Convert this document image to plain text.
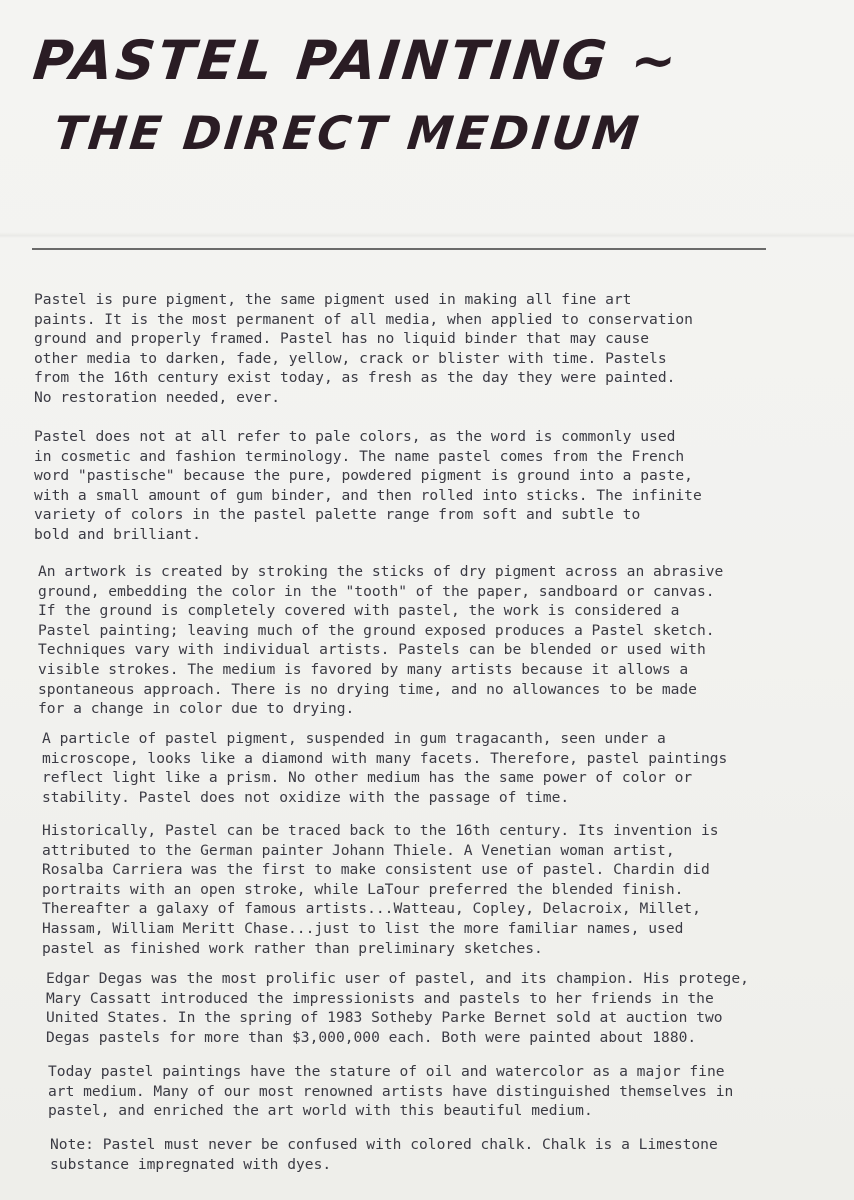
PASTEL PAINTING ~
THE DIRECT MEDIUM

Pastel is pure pigment, the same pigment used in making all fine art
paints. It is the most permanent of all media, when applied to conservation
ground and properly framed. Pastel has no liquid binder that may cause
other media to darken, fade, yellow, crack or blister with time. Pastels
from the 16th century exist today, as fresh as the day they were painted.
No restoration needed, ever.

Pastel does not at all refer to pale colors, as the word is commonly used
in cosmetic and fashion terminology. The name pastel comes from the French
word "pastische" because the pure, powdered pigment is ground into a paste,
with a small amount of gum binder, and then rolled into sticks. The infinite
variety of colors in the pastel palette range from soft and subtle to
bold and brilliant.

An artwork is created by stroking the sticks of dry pigment across an abrasive
ground, embedding the color in the "tooth" of the paper, sandboard or canvas.
If the ground is completely covered with pastel, the work is considered a
Pastel painting; leaving much of the ground exposed produces a Pastel sketch.
Techniques vary with individual artists. Pastels can be blended or used with
visible strokes. The medium is favored by many artists because it allows a
spontaneous approach. There is no drying time, and no allowances to be made
for a change in color due to drying.

A particle of pastel pigment, suspended in gum tragacanth, seen under a
microscope, looks like a diamond with many facets. Therefore, pastel paintings
reflect light like a prism. No other medium has the same power of color or
stability. Pastel does not oxidize with the passage of time.

Historically, Pastel can be traced back to the 16th century. Its invention is
attributed to the German painter Johann Thiele. A Venetian woman artist,
Rosalba Carriera was the first to make consistent use of pastel. Chardin did
portraits with an open stroke, while LaTour preferred the blended finish.
Thereafter a galaxy of famous artists...Watteau, Copley, Delacroix, Millet,
Hassam, William Meritt Chase...just to list the more familiar names, used
pastel as finished work rather than preliminary sketches.

Edgar Degas was the most prolific user of pastel, and its champion. His protege,
Mary Cassatt introduced the impressionists and pastels to her friends in the
United States. In the spring of 1983 Sotheby Parke Bernet sold at auction two
Degas pastels for more than $3,000,000 each. Both were painted about 1880.

Today pastel paintings have the stature of oil and watercolor as a major fine
art medium. Many of our most renowned artists have distinguished themselves in
pastel, and enriched the art world with this beautiful medium.

Note: Pastel must never be confused with colored chalk. Chalk is a Limestone
substance impregnated with dyes.
